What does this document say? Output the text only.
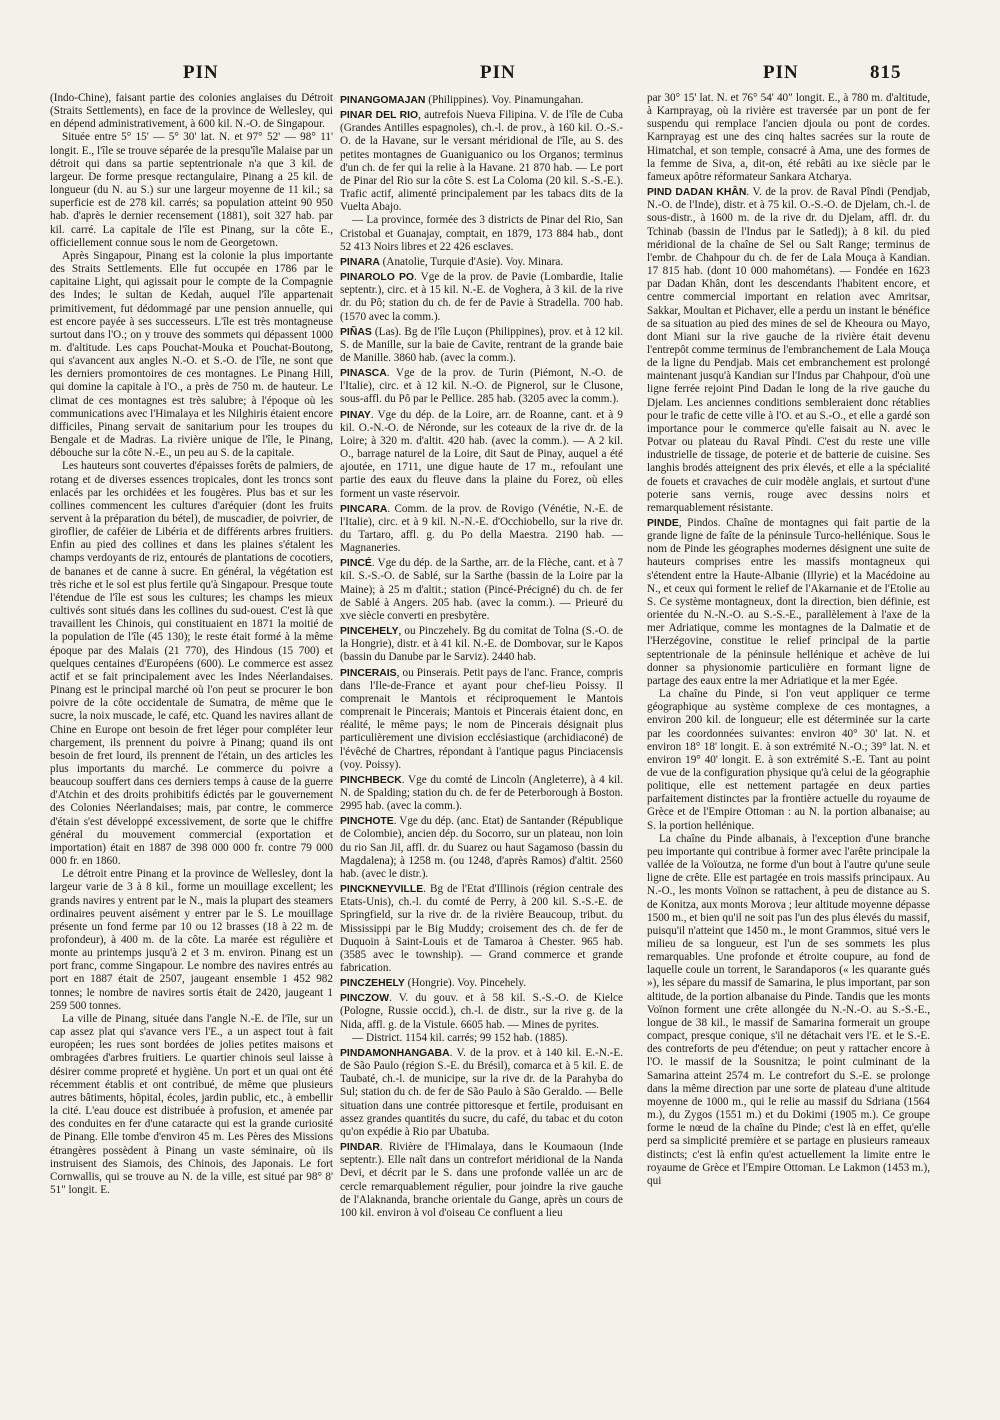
PIN	PIN	PIN	815

(Indo-Chine), faisant partie des colonies anglaises du Détroit (Straits Settlements), en face de la province de Wellesley, qui en dépend administrativement, à 600 kil. N.-O. de Singapour.

Située entre 5° 15' — 5° 30' lat. N. et 97° 52' — 98° 11' longit. E., l'île se trouve séparée de la presqu'île Malaise par un détroit qui dans sa partie septentrionale n'a que 3 kil. de largeur. De forme presque rectangulaire, Pinang a 25 kil. de longueur (du N. au S.) sur une largeur moyenne de 11 kil.; sa superficie est de 278 kil. carrés; sa population atteint 90 950 hab. d'après le dernier recensement (1881), soit 327 hab. par kil. carré. La capitale de l'île est Pinang, sur la côte E., officiellement connue sous le nom de Georgetown.

Après Singapour, Pinang est la colonie la plus importante des Straits Settlements. Elle fut occupée en 1786 par le capitaine Light, qui agissait pour le compte de la Compagnie des Indes; le sultan de Kedah, auquel l'île appartenait primitivement, fut dédommagé par une pension annuelle, qui est encore payée à ses successeurs. L'île est très montagneuse surtout dans l'O.; on y trouve des sommets qui dépassent 1000 m. d'altitude. Les caps Pouchat-Mouka et Pouchat-Boutong, qui s'avancent aux angles N.-O. et S.-O. de l'île, ne sont que les derniers promontoires de ces montagnes. Le Pinang Hill, qui domine la capitale à l'O., a près de 750 m. de hauteur. Le climat de ces montagnes est très salubre; à l'époque où les communications avec l'Himalaya et les Nilghiris étaient encore difficiles, Pinang servait de sanitarium pour les troupes du Bengale et de Madras. La rivière unique de l'île, le Pinang, débouche sur la côte N.-E., un peu au S. de la capitale.

Les hauteurs sont couvertes d'épaisses forêts de palmiers, de rotang et de diverses essences tropicales, dont les troncs sont enlacés par les orchidées et les fougères. Plus bas et sur les collines commencent les cultures d'aréquier (dont les fruits servent à la préparation du bétel), de muscadier, de poivrier, de giroflier, de caféier de Libéria et de différents arbres fruitiers. Enfin au pied des collines et dans les plaines s'étalent les champs verdoyants de riz, entourés de plantations de cocotiers, de bananes et de canne à sucre. En général, la végétation est très riche et le sol est plus fertile qu'à Singapour. Presque toute l'étendue de l'île est sous les cultures; les champs les mieux cultivés sont situés dans les collines du sud-ouest. C'est là que travaillent les Chinois, qui constituaient en 1871 la moitié de la population de l'île (45 130); le reste était formé à la même époque par des Malais (21 770), des Hindous (15 700) et quelques centaines d'Européens (600). Le commerce est assez actif et se fait principalement avec les Indes Néerlandaises. Pinang est le principal marché où l'on peut se procurer le bon poivre de la côte occidentale de Sumatra, de même que le sucre, la noix muscade, le café, etc. Quand les navires allant de Chine en Europe ont besoin de fret léger pour compléter leur chargement, ils prennent du poivre à Pinang; quand ils ont besoin de fret lourd, ils prennent de l'étain, un des articles les plus importants du marché. Le commerce du poivre a beaucoup souffert dans ces derniers temps à cause de la guerre d'Atchin et des droits prohibitifs édictés par le gouvernement des Colonies Néerlandaises; mais, par contre, le commerce d'étain s'est développé excessivement, de sorte que le chiffre général du mouvement commercial (exportation et importation) était en 1887 de 398 000 000 fr. contre 79 000 000 fr. en 1860.

Le détroit entre Pinang et la province de Wellesley, dont la largeur varie de 3 à 8 kil., forme un mouillage excellent; les grands navires y entrent par le N., mais la plupart des steamers ordinaires peuvent aisément y entrer par le S. Le mouillage présente un fond ferme par 10 ou 12 brasses (18 à 22 m. de profondeur), à 400 m. de la côte. La marée est régulière et monte au printemps jusqu'à 2 et 3 m. environ. Pinang est un port franc, comme Singapour. Le nombre des navires entrés au port en 1887 était de 2507, jaugeant ensemble 1 452 982 tonnes; le nombre de navires sortis était de 2420, jaugeant 1 259 500 tonnes.

La ville de Pinang, située dans l'angle N.-E. de l'île, sur un cap assez plat qui s'avance vers l'E., a un aspect tout à fait européen; les rues sont bordées de jolies petites maisons et ombragées d'arbres fruitiers. Le quartier chinois seul laisse à désirer comme propreté et hygiène. Un port et un quai ont été récemment établis et ont contribué, de même que plusieurs autres bâtiments, hôpital, écoles, jardin public, etc., à embellir la cité. L'eau douce est distribuée à profusion, et amenée par des conduites en fer d'une cataracte qui est la grande curiosité de Pinang. Elle tombe d'environ 45 m. Les Pères des Missions étrangères possèdent à Pinang un vaste séminaire, où ils instruisent des Siamois, des Chinois, des Japonais. Le fort Cornwallis, qui se trouve au N. de la ville, est situé par 98° 8' 51" longit. E.

PINANGOMAJAN (Philippines). Voy. Pinamungahan.

PINAR DEL RIO, autrefois Nueva Filipina. V. de l'île de Cuba (Grandes Antilles espagnoles), ch.-l. de prov., à 160 kil. O.-S.-O. de la Havane, sur le versant méridional de l'île, au S. des petites montagnes de Guaniguanico ou los Organos; terminus d'un ch. de fer qui la relie à la Havane. 21 870 hab. — Le port de Pinar del Rio sur la côte S. est La Coloma (20 kil. S.-S.-E.). Trafic actif, alimenté principalement par les tabacs dits de la Vuelta Abajo.

— La province, formée des 3 districts de Pinar del Rio, San Cristobal et Guanajay, comptait, en 1879, 173 884 hab., dont 52 413 Noirs libres et 22 426 esclaves.

PINARA (Anatolie, Turquie d'Asie). Voy. Minara.

PINAROLO PO. Vge de la prov. de Pavie (Lombardie, Italie septentr.), circ. et à 15 kil. N.-E. de Voghera, à 3 kil. de la rive dr. du Pô; station du ch. de fer de Pavie à Stradella. 700 hab. (1570 avec la comm.).

PIÑAS (Las). Bg de l'île Luçon (Philippines), prov. et à 12 kil. S. de Manille, sur la baie de Cavite, rentrant de la grande baie de Manille. 3860 hab. (avec la comm.).

PINASCA. Vge de la prov. de Turin (Piémont, N.-O. de l'Italie), circ. et à 12 kil. N.-O. de Pignerol, sur le Clusone, sous-affl. du Pô par le Pellice. 285 hab. (3205 avec la comm.).

PINAY. Vge du dép. de la Loire, arr. de Roanne, cant. et à 9 kil. O.-N.-O. de Néronde, sur les coteaux de la rive dr. de la Loire; à 320 m. d'altit. 420 hab. (avec la comm.). — A 2 kil. O., barrage naturel de la Loire, dit Saut de Pinay, auquel a été ajoutée, en 1711, une digue haute de 17 m., refoulant une partie des eaux du fleuve dans la plaine du Forez, où elles forment un vaste réservoir.

PINCARA. Comm. de la prov. de Rovigo (Vénétie, N.-E. de l'Italie), circ. et à 9 kil. N.-N.-E. d'Occhiobello, sur la rive dr. du Tartaro, affl. g. du Po della Maestra. 2190 hab. — Magnaneries.

PINCÉ. Vge du dép. de la Sarthe, arr. de la Flèche, cant. et à 7 kil. S.-S.-O. de Sablé, sur la Sarthe (bassin de la Loire par la Maine); à 25 m d'altit.; station (Pincé-Précigné) du ch. de fer de Sablé à Angers. 205 hab. (avec la comm.). — Prieuré du xve siècle converti en presbytère.

PINCEHELY, ou Pinczehely. Bg du comitat de Tolna (S.-O. de la Hongrie), distr. et à 41 kil. N.-E. de Dombovar, sur le Kapos (bassin du Danube par le Sarviz). 2440 hab.

PINCERAIS, ou Pinserais. Petit pays de l'anc. France, compris dans l'Ile-de-France et ayant pour chef-lieu Poissy. Il comprenait le Mantois et réciproquement le Mantois comprenait le Pincerais; Mantois et Pincerais étaient donc, en réalité, le même pays; le nom de Pincerais désignait plus particulièrement une division ecclésiastique (archidiaconé) de l'évêché de Chartres, répondant à l'antique pagus Pinciacensis (voy. Poissy).

PINCHBECK. Vge du comté de Lincoln (Angleterre), à 4 kil. N. de Spalding; station du ch. de fer de Peterborough à Boston. 2995 hab. (avec la comm.).

PINCHOTE. Vge du dép. (anc. Etat) de Santander (République de Colombie), ancien dép. du Socorro, sur un plateau, non loin du rio San Jil, affl. dr. du Suarez ou haut Sagamoso (bassin du Magdalena); à 1258 m. (ou 1248, d'après Ramos) d'altit. 2560 hab. (avec le distr.).

PINCKNEYVILLE. Bg de l'Etat d'Illinois (région centrale des Etats-Unis), ch.-l. du comté de Perry, à 200 kil. S.-S.-E. de Springfield, sur la rive dr. de la rivière Beaucoup, tribut. du Mississippi par le Big Muddy; croisement des ch. de fer de Duquoin à Saint-Louis et de Tamaroa à Chester. 965 hab. (3585 avec le township). — Grand commerce et grande fabrication.

PINCZEHELY (Hongrie). Voy. Pincehely.

PINCZOW. V. du gouv. et à 58 kil. S.-S.-O. de Kielce (Pologne, Russie occid.), ch.-l. de distr., sur la rive g. de la Nida, affl. g. de la Vistule. 6605 hab. — Mines de pyrites.

— District. 1154 kil. carrés; 99 152 hab. (1885).

PINDAMONHANGABA. V. de la prov. et à 140 kil. E.-N.-E. de São Paulo (région S.-E. du Brésil), comarca et à 5 kil. E. de Taubaté, ch.-l. de municipe, sur la rive dr. de la Parahyba do Sul; station du ch. de fer de São Paulo à São Geraldo. — Belle situation dans une contrée pittoresque et fertile, produisant en assez grandes quantités du sucre, du café, du tabac et du coton qu'on expédie à Rio par Ubatuba.

PINDAR. Rivière de l'Himalaya, dans le Koumaoun (Inde septentr.). Elle naît dans un contrefort méridional de la Nanda Devi, et décrit par le S. dans une profonde vallée un arc de cercle remarquablement régulier, pour joindre la rive gauche de l'Alaknanda, branche orientale du Gange, après un cours de 100 kil. environ à vol d'oiseau Ce confluent a lieu

par 30° 15' lat. N. et 76° 54' 40" longit. E., à 780 m. d'altitude, à Karnprayag, où la rivière est traversée par un pont de fer suspendu qui remplace l'ancien djoula ou pont de cordes. Karnprayag est une des cinq haltes sacrées sur la route de Himatchal, et son temple, consacré à Ama, une des formes de la femme de Siva, a, dit-on, été rebâti au ixe siècle par le fameux apôtre réformateur Sankara Atcharya.

PIND DADAN KHÂN. V. de la prov. de Raval Pîndi (Pendjab, N.-O. de l'Inde), distr. et à 75 kil. O.-S.-O. de Djelam, ch.-l. de sous-distr., à 1600 m. de la rive dr. du Djelam, affl. dr. du Tchinab (bassin de l'Indus par le Satledj); à 8 kil. du pied méridional de la chaîne de Sel ou Salt Range; terminus de l'embr. de Chahpour du ch. de fer de Lala Mouça à Kandian. 17 815 hab. (dont 10 000 mahométans). — Fondée en 1623 par Dadan Khân, dont les descendants l'habitent encore, et centre commercial important en relation avec Amritsar, Sakkar, Moultan et Pichaver, elle a perdu un instant le bénéfice de sa situation au pied des mines de sel de Kheoura ou Mayo, dont Miani sur la rive gauche de la rivière était devenu l'entrepôt comme terminus de l'embranchement de Lala Mouça de la ligne du Pendjab. Mais cet embranchement est prolongé maintenant jusqu'à Kandian sur l'Indus par Chahpour, d'où une ligne ferrée rejoint Pind Dadan le long de la rive gauche du Djelam. Les anciennes conditions sembleraient donc rétablies pour le trafic de cette ville à l'O. et au S.-O., et elle a gardé son importance pour le commerce qu'elle faisait au N. avec le Potvar ou plateau du Raval Pîndi. C'est du reste une ville industrielle de tissage, de poterie et de batterie de cuisine. Ses langhis brodés atteignent des prix élevés, et elle a la spécialité de fouets et cravaches de cuir modèle anglais, et surtout d'une poterie sans vernis, rouge avec dessins noirs et remarquablement résistante.

PINDE, Pindos. Chaîne de montagnes qui fait partie de la grande ligne de faîte de la péninsule Turco-hellénique. Sous le nom de Pinde les géographes modernes désignent une suite de hauteurs comprises entre les massifs montagneux qui s'étendent entre la Haute-Albanie (Illyrie) et la Macédoine au N., et ceux qui forment le relief de l'Akarnanie et de l'Etolie au S. Ce système montagneux, dont la direction, bien définie, est orientée du N.-N.-O. au S.-S.-E., parallèlement à l'axe de la mer Adriatique, comme les montagnes de la Dalmatie et de l'Herzégovine, constitue le relief principal de la partie septentrionale de la péninsule hellénique et achève de lui donner sa physionomie particulière en formant ligne de partage des eaux entre la mer Adriatique et la mer Egée.

La chaîne du Pinde, si l'on veut appliquer ce terme géographique au système complexe de ces montagnes, a environ 200 kil. de longueur; elle est déterminée sur la carte par les coordonnées suivantes: environ 40° 30' lat. N. et environ 18° 18' longit. E. à son extrémité N.-O.; 39° lat. N. et environ 19° 40' longit. E. à son extrémité S.-E. Tant au point de vue de la configuration physique qu'à celui de la géographie politique, elle est nettement partagée en deux parties parfaitement distinctes par la frontière actuelle du royaume de Grèce et de l'Empire Ottoman : au N. la portion albanaise; au S. la portion hellénique.

La chaîne du Pinde albanais, à l'exception d'une branche peu importante qui contribue à former avec l'arête principale la vallée de la Voïoutza, ne forme d'un bout à l'autre qu'une seule ligne de crête. Elle est partagée en trois massifs principaux. Au N.-O., les monts Voïnon se rattachent, à peu de distance au S. de Konitza, aux monts Morova ; leur altitude moyenne dépasse 1500 m., et bien qu'il ne soit pas l'un des plus élevés du massif, puisqu'il n'atteint que 1450 m., le mont Grammos, situé vers le milieu de sa longueur, est l'un de ses sommets les plus remarquables. Une profonde et étroite coupure, au fond de laquelle coule un torrent, le Sarandaporos (« les quarante gués »), les sépare du massif de Samarina, le plus important, par son altitude, de la portion albanaise du Pinde. Tandis que les monts Voïnon forment une crête allongée du N.-N.-O. au S.-S.-E., longue de 38 kil., le massif de Samarina formerait un groupe compact, presque conique, s'il ne détachait vers l'E. et le S.-E. des contreforts de peu d'étendue; on peut y rattacher encore à l'O. le massif de la Sousnitza; le point culminant de la Samarina atteint 2574 m. Le contrefort du S.-E. se prolonge dans la même direction par une sorte de plateau d'une altitude moyenne de 1000 m., qui le relie au massif du Sdriana (1564 m.), du Zygos (1551 m.) et du Dokimi (1905 m.). Ce groupe forme le nœud de la chaîne du Pinde; c'est là en effet, qu'elle perd sa simplicité première et se partage en plusieurs rameaux distincts; c'est là enfin qu'est actuellement la limite entre le royaume de Grèce et l'Empire Ottoman. Le Lakmon (1453 m.), qui
